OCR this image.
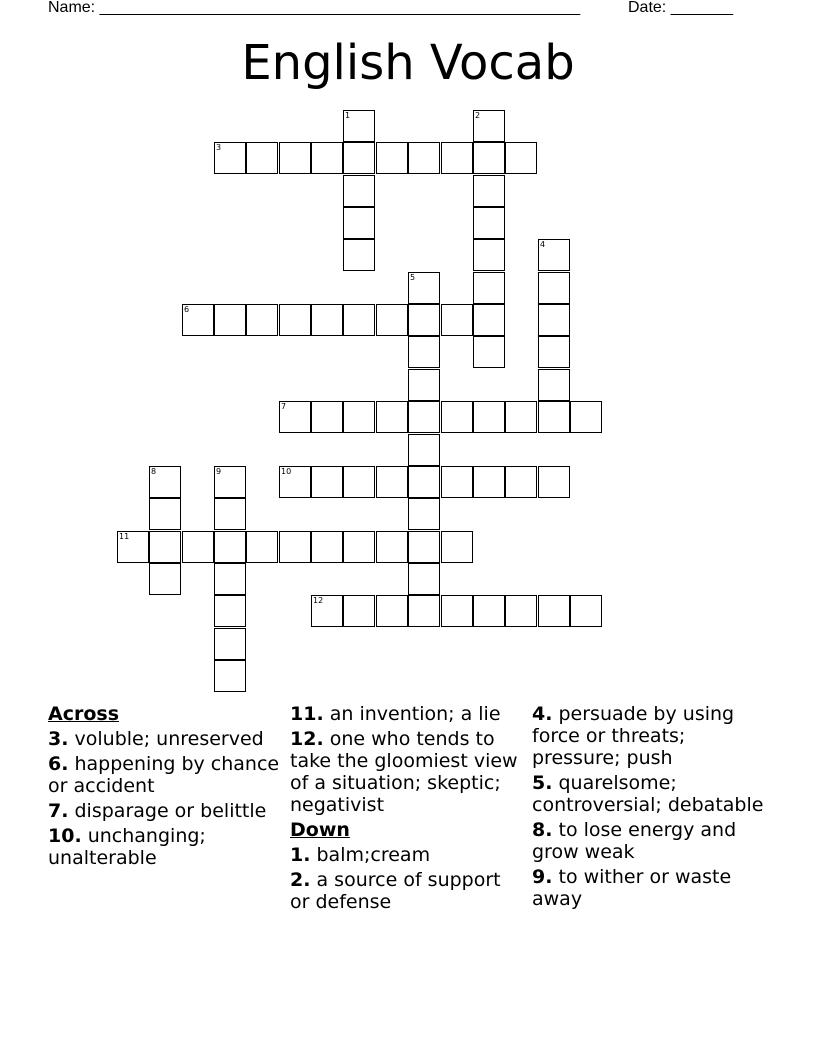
Name: ______________________________________________________	Date: _______
English Vocab
1	2
3
4
5
6
7
8	9	10
11
12
Across
3. voluble; unreserved
6. happening by chance or accident
7. disparage or belittle
10. unchanging; unalterable
11. an invention; a lie
12. one who tends to take the gloomiest view of a situation; skeptic; negativist
Down
1. balm;cream
2. a source of support or defense
4. persuade by using force or threats; pressure; push
5. quarelsome; controversial; debatable
8. to lose energy and grow weak
9. to wither or waste away
